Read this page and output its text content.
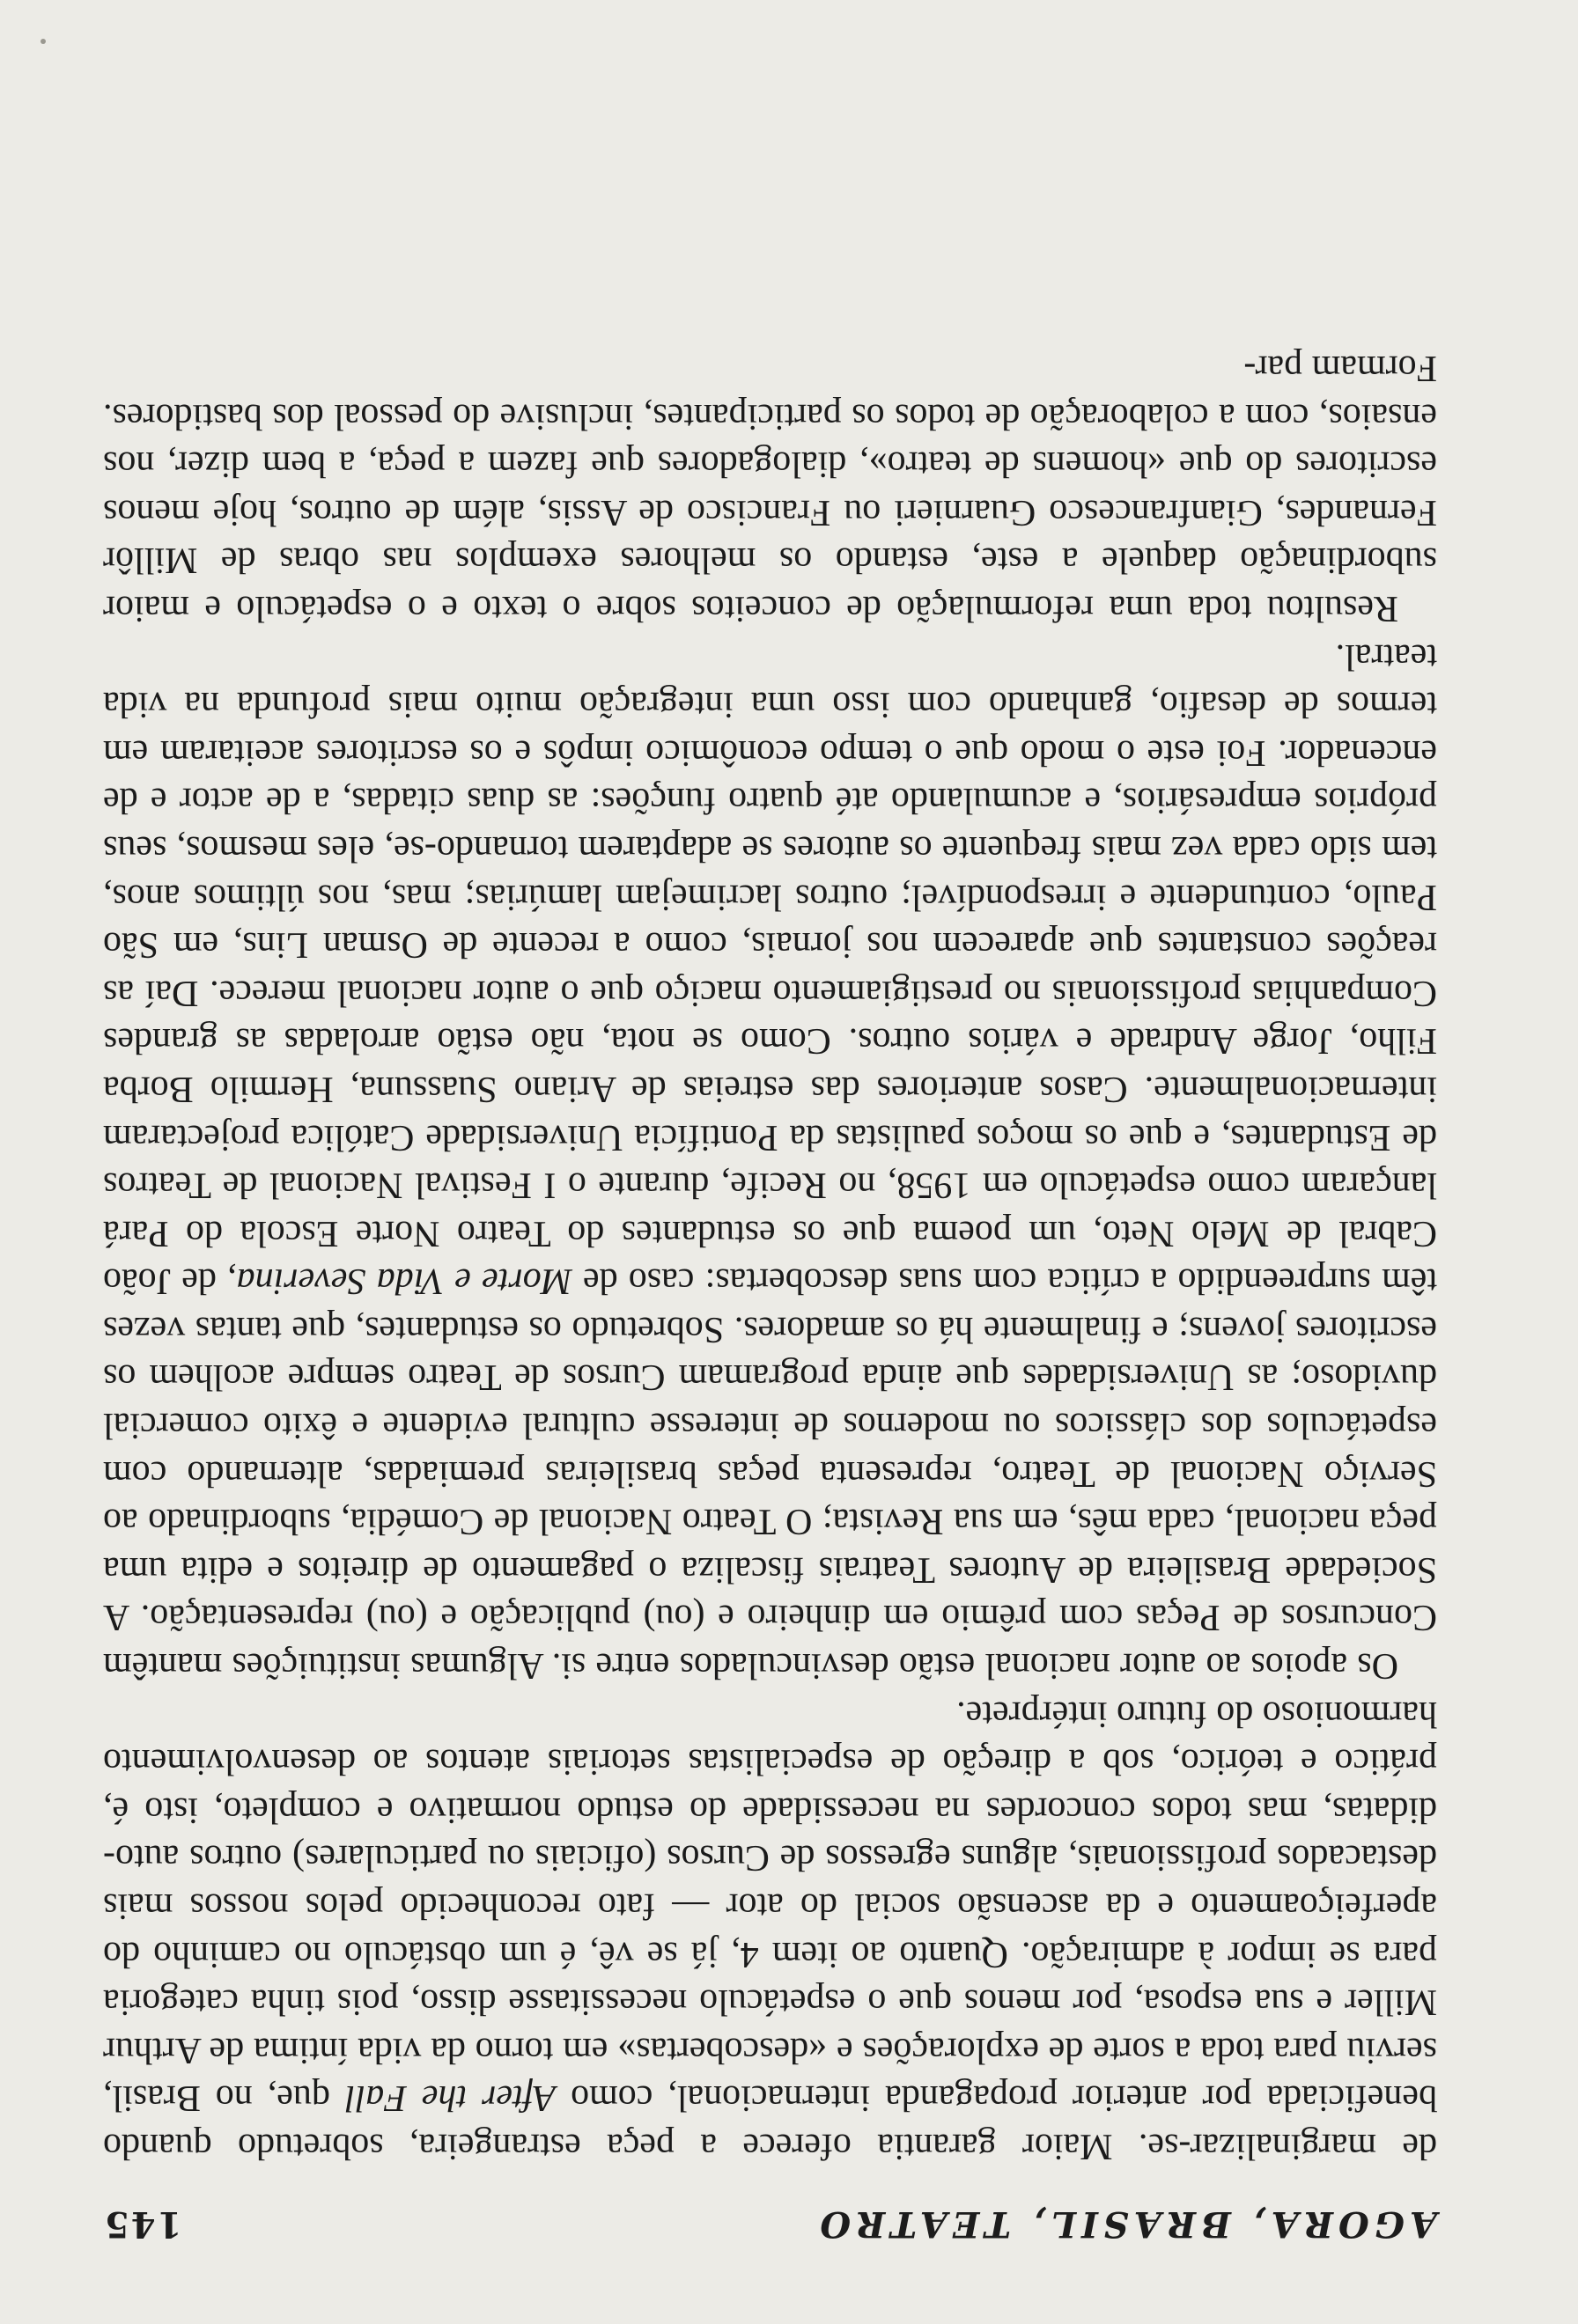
AGORA, BRASIL, TEATRO
145

de marginalizar-se. Maior garantia oferece a peça estrangeira, sobretudo quando beneficiada por anterior propaganda internacional, como After the Fall que, no Brasil, serviu para toda a sorte de explorações e «descobertas» em torno da vida íntima de Arthur Miller e sua esposa, por menos que o espetáculo necessitasse disso, pois tinha categoria para se impor à admiração. Quanto ao item 4, já se vê, é um obstáculo no caminho do aperfeiçoamento e da ascensão social do ator — fato reconhecido pelos nossos mais destacados profissionais, alguns egressos de Cursos (oficiais ou particulares) outros auto-didatas, mas todos concordes na necessidade do estudo normativo e completo, isto é, prático e teórico, sob a direção de especialistas setoriais atentos ao desenvolvimento harmonioso do futuro intérprete.

Os apoios ao autor nacional estão desvinculados entre si. Algumas instituições mantêm Concursos de Peças com prêmio em dinheiro e (ou) publicação e (ou) representação. A Sociedade Brasileira de Autores Teatrais fiscaliza o pagamento de direitos e edita uma peça nacional, cada mês, em sua Revista; O Teatro Nacional de Comédia, subordinado ao Serviço Nacional de Teatro, representa peças brasileiras premiadas, alternando com espetáculos dos clássicos ou modernos de interesse cultural evidente e êxito comercial duvidoso; as Universidades que ainda programam Cursos de Teatro sempre acolhem os escritores jovens; e finalmente há os amadores. Sobretudo os estudantes, que tantas vezes têm surpreendido a crítica com suas descobertas: caso de Morte e Vida Severina, de João Cabral de Melo Neto, um poema que os estudantes do Teatro Norte Escola do Pará lançaram como espetáculo em 1958, no Recife, durante o I Festival Nacional de Teatros de Estudantes, e que os moços paulistas da Pontifícia Universidade Católica projectaram internacionalmente. Casos anteriores das estreias de Ariano Suassuna, Hermilo Borba Filho, Jorge Andrade e vários outros. Como se nota, não estão arroladas as grandes Companhias profissionais no prestigiamento maciço que o autor nacional merece. Daí as reações constantes que aparecem nos jornais, como a recente de Osman Lins, em São Paulo, contundente e irrespondível; outros lacrimejam lamúrias; mas, nos últimos anos, tem sido cada vez mais frequente os autores se adaptarem tornando-se, eles mesmos, seus próprios empresários, e acumulando até quatro funções: as duas citadas, a de actor e de encenador. Foi este o modo que o tempo econômico impôs e os escritores aceitaram em termos de desafio, ganhando com isso uma integração muito mais profunda na vida teatral.

Resultou toda uma reformulação de conceitos sobre o texto e o espetáculo e maior subordinação daquele a este, estando os melhores exemplos nas obras de Millôr Fernandes, Gianfrancesco Guarnieri ou Francisco de Assis, além de outros, hoje menos escritores do que «homens de teatro», dialogadores que fazem a peça, a bem dizer, nos ensaios, com a colaboração de todos os participantes, inclusive do pessoal dos bastidores. Formam par-
